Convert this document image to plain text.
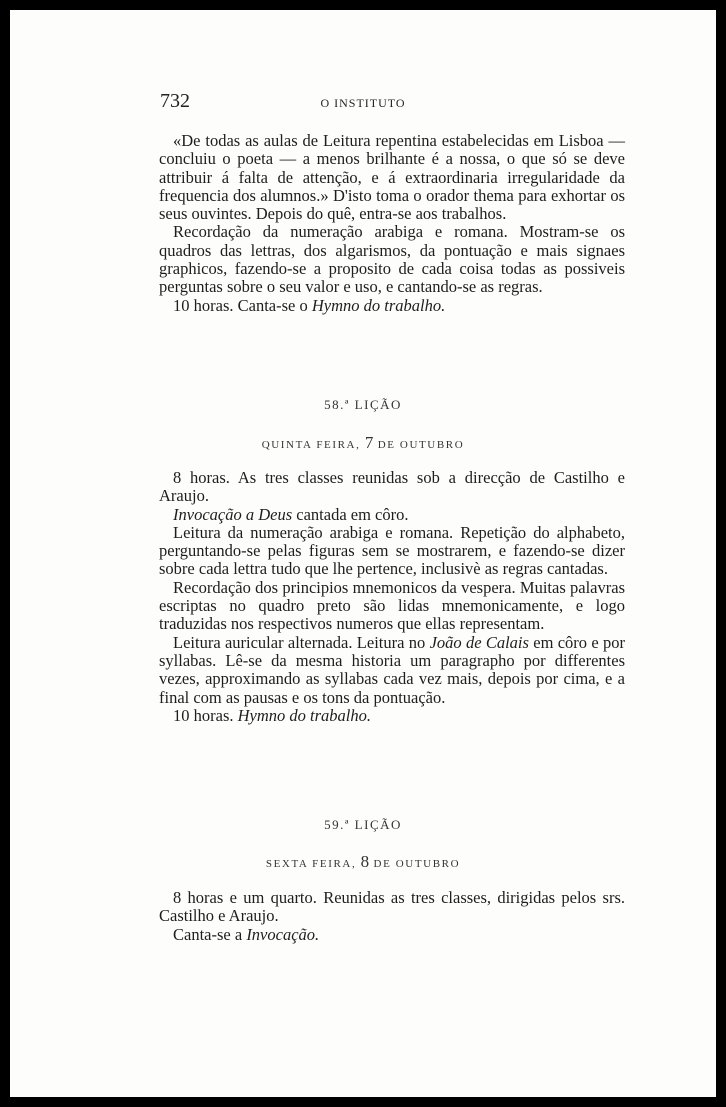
732	O INSTITUTO

«De todas as aulas de Leitura repentina estabelecidas em Lisboa — concluiu o poeta — a menos brilhante é a nossa, o que só se deve attribuir á falta de attenção, e á extraordinaria irregularidade da frequencia dos alumnos.» D'isto toma o orador thema para exhortar os seus ouvintes. Depois do quê, entra-se aos trabalhos.

Recordação da numeração arabiga e romana. Mostram-se os quadros das lettras, dos algarismos, da pontuação e mais signaes graphicos, fazendo-se a proposito de cada coisa todas as possiveis perguntas sobre o seu valor e uso, e cantando-se as regras.

10 horas. Canta-se o Hymno do trabalho.

58.ª LIÇÃO
QUINTA FEIRA, 7 DE OUTUBRO

8 horas. As tres classes reunidas sob a direcção de Castilho e Araujo.

Invocação a Deus cantada em côro.

Leitura da numeração arabiga e romana. Repetição do alphabeto, perguntando-se pelas figuras sem se mostrarem, e fazendo-se dizer sobre cada lettra tudo que lhe pertence, inclusivè as regras cantadas.

Recordação dos principios mnemonicos da vespera. Muitas palavras escriptas no quadro preto são lidas mnemonicamente, e logo traduzidas nos respectivos numeros que ellas representam.

Leitura auricular alternada. Leitura no João de Calais em côro e por syllabas. Lê-se da mesma historia um paragrapho por differentes vezes, approximando as syllabas cada vez mais, depois por cima, e a final com as pausas e os tons da pontuação.

10 horas. Hymno do trabalho.

59.ª LIÇÃO
SEXTA FEIRA, 8 DE OUTUBRO

8 horas e um quarto. Reunidas as tres classes, dirigidas pelos srs. Castilho e Araujo.

Canta-se a Invocação.
